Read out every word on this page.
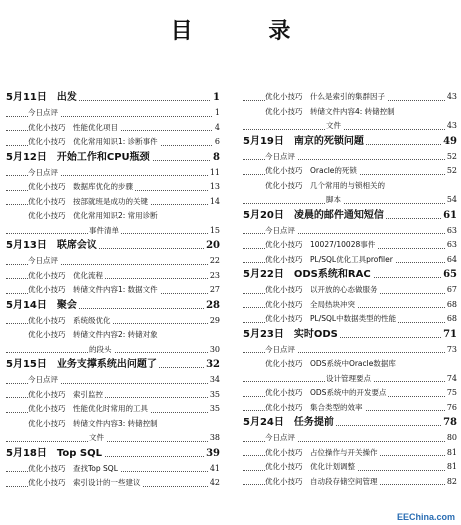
目 录
5月11日　出发	1
今日点评	1
优化小技巧　性能优化项目	4
优化小技巧　优化常用知识1: 诊断事件	6
5月12日　开始工作和CPU瓶颈	8
今日点评	11
优化小技巧　数据库优化的步骤	13
优化小技巧　按部就班是成功的关键	14
优化小技巧　优化常用知识2: 常用诊断
事件清单	15
5月13日　联席会议	20
今日点评	22
优化小技巧　优化流程	23
优化小技巧　转储文件内容1: 数据文件	27
5月14日　聚会	28
优化小技巧　系统级优化	29
优化小技巧　转储文件内容2: 转储对象
的段头	30
5月15日　业务支撑系统出问题了	32
今日点评	34
优化小技巧　索引监控	35
优化小技巧　性能优化时常用的工具	35
优化小技巧　转储文件内容3: 转储控制
文件	38
5月18日　Top SQL	39
优化小技巧　查找Top SQL	41
优化小技巧　索引设计的一些建议	42
优化小技巧　什么是索引的集群因子	43
优化小技巧　转储文件内容4: 转储控制
文件	43
5月19日　南京的死锁问题	49
今日点评	52
优化小技巧　Oracle的死锁	52
优化小技巧　几个常用的与锁相关的
脚本	54
5月20日　凌晨的邮件通知短信	61
今日点评	63
优化小技巧　10027/10028事件	63
优化小技巧　PL/SQL优化工具profiler	64
5月22日　ODS系统和RAC	65
优化小技巧　以开放的心态做服务	67
优化小技巧　全局热块冲突	68
优化小技巧　PL/SQL中数据类型的性能	68
5月23日　实时ODS	71
今日点评	73
优化小技巧　ODS系统中Oracle数据库
设计管理要点	74
优化小技巧　ODS系统中的开发要点	75
优化小技巧　集合类型的效率	76
5月24日　任务提前	78
今日点评	80
优化小技巧　占位操作与开关操作	81
优化小技巧　优化计划调整	81
优化小技巧　自动段存储空间管理	82
EEChina.com
